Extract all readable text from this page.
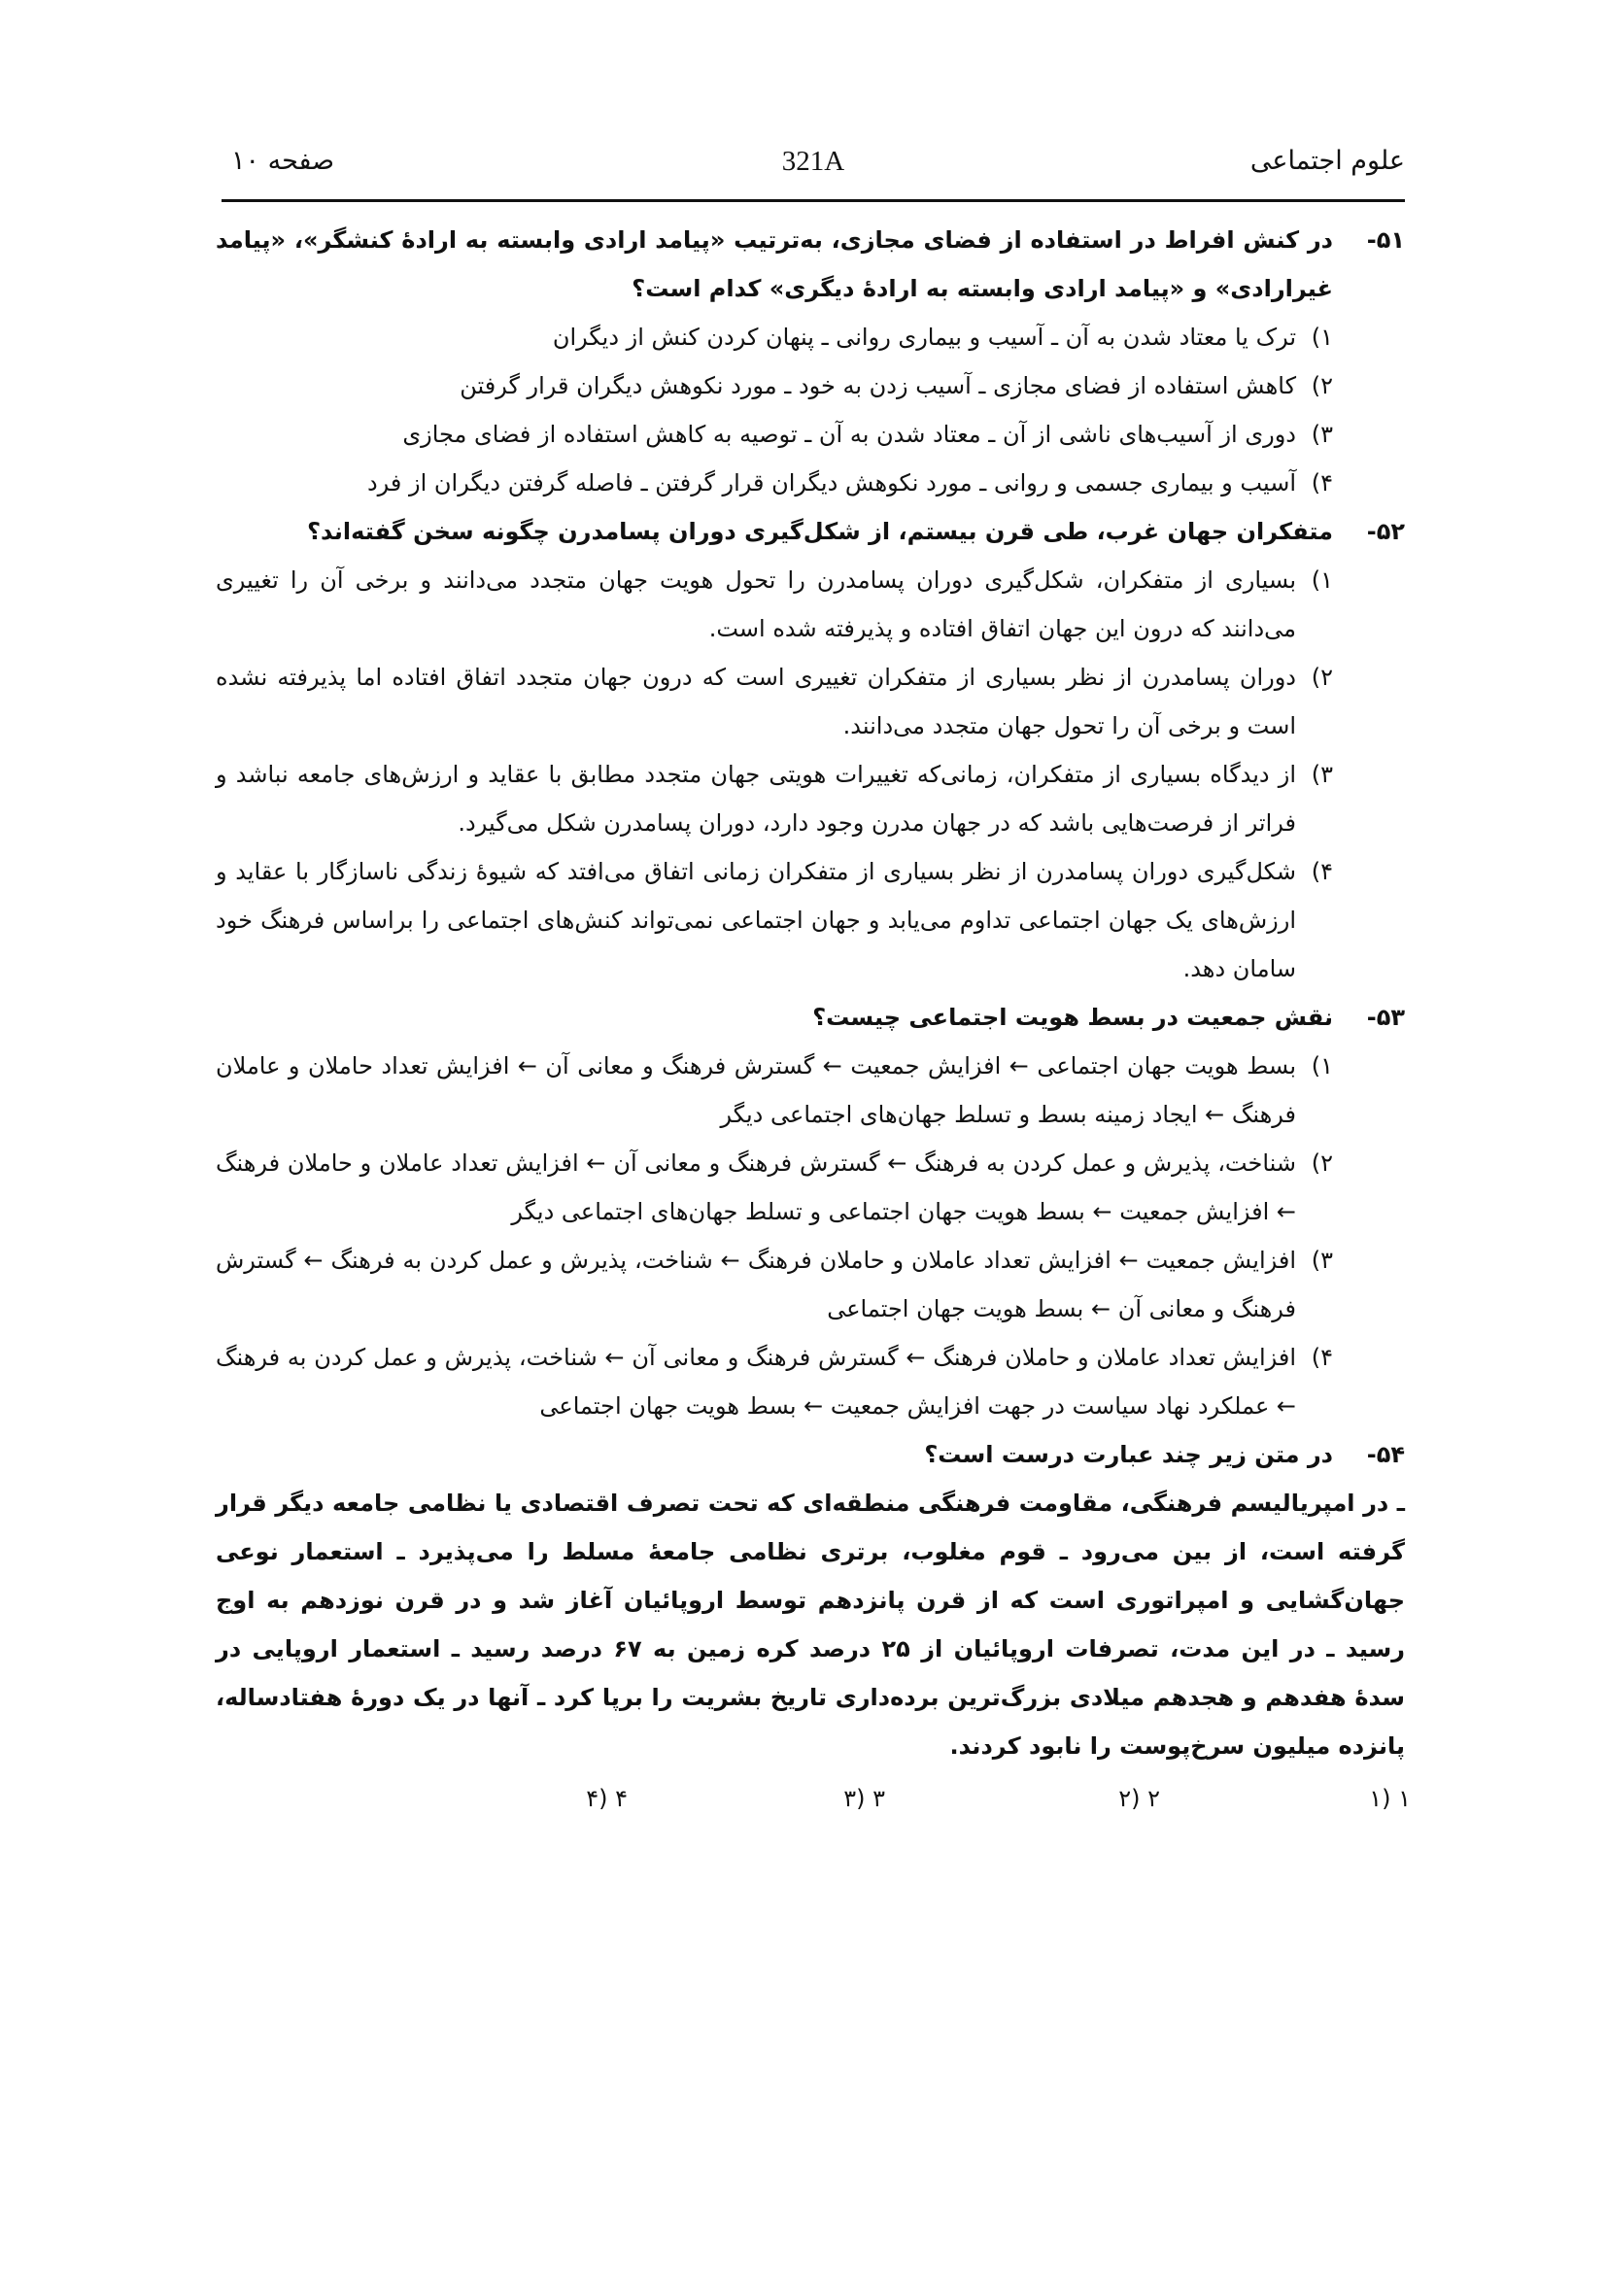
علوم اجتماعی
321A
صفحه ۱۰
۵۱-
در کنش افراط در استفاده از فضای مجازی، به‌ترتیب «پیامد ارادی وابسته به ارادهٔ کنشگر»، «پیامد غیرارادی» و «پیامد ارادی وابسته به ارادهٔ دیگری» کدام است؟
۱)
ترک یا معتاد شدن به آن ـ آسیب و بیماری روانی ـ پنهان کردن کنش از دیگران
۲)
کاهش استفاده از فضای مجازی ـ آسیب زدن به خود ـ مورد نکوهش دیگران قرار گرفتن
۳)
دوری از آسیب‌های ناشی از آن ـ معتاد شدن به آن ـ توصیه به کاهش استفاده از فضای مجازی
۴)
آسیب و بیماری جسمی و روانی ـ مورد نکوهش دیگران قرار گرفتن ـ فاصله گرفتن دیگران از فرد
۵۲-
متفکران جهان غرب، طی قرن بیستم، از شکل‌گیری دوران پسامدرن چگونه سخن گفته‌اند؟
۱)
بسیاری از متفکران، شکل‌گیری دوران پسامدرن را تحول هویت جهان متجدد می‌دانند و برخی آن را تغییری می‌دانند که درون این جهان اتفاق افتاده و پذیرفته شده است.
۲)
دوران پسامدرن از نظر بسیاری از متفکران تغییری است که درون جهان متجدد اتفاق افتاده اما پذیرفته نشده است و برخی آن را تحول جهان متجدد می‌دانند.
۳)
از دیدگاه بسیاری از متفکران، زمانی‌که تغییرات هویتی جهان متجدد مطابق با عقاید و ارزش‌های جامعه نباشد و فراتر از فرصت‌هایی باشد که در جهان مدرن وجود دارد، دوران پسامدرن شکل می‌گیرد.
۴)
شکل‌گیری دوران پسامدرن از نظر بسیاری از متفکران زمانی اتفاق می‌افتد که شیوهٔ زندگی ناسازگار با عقاید و ارزش‌های یک جهان اجتماعی تداوم می‌یابد و جهان اجتماعی نمی‌تواند کنش‌های اجتماعی را براساس فرهنگ خود سامان دهد.
۵۳-
نقش جمعیت در بسط هویت اجتماعی چیست؟
۱)
بسط هویت جهان اجتماعی ← افزایش جمعیت ← گسترش فرهنگ و معانی آن ← افزایش تعداد حاملان و عاملان فرهنگ ← ایجاد زمینه بسط و تسلط جهان‌های اجتماعی دیگر
۲)
شناخت، پذیرش و عمل کردن به فرهنگ ← گسترش فرهنگ و معانی آن ← افزایش تعداد عاملان و حاملان فرهنگ ← افزایش جمعیت ← بسط هویت جهان اجتماعی و تسلط جهان‌های اجتماعی دیگر
۳)
افزایش جمعیت ← افزایش تعداد عاملان و حاملان فرهنگ ← شناخت، پذیرش و عمل کردن به فرهنگ ← گسترش فرهنگ و معانی آن ← بسط هویت جهان اجتماعی
۴)
افزایش تعداد عاملان و حاملان فرهنگ ← گسترش فرهنگ و معانی آن ← شناخت، پذیرش و عمل کردن به فرهنگ ← عملکرد نهاد سیاست در جهت افزایش جمعیت ← بسط هویت جهان اجتماعی
۵۴-
در متن زیر چند عبارت درست است؟
ـ در امپریالیسم فرهنگی، مقاومت فرهنگی منطقه‌ای که تحت تصرف اقتصادی یا نظامی جامعه دیگر قرار گرفته است، از بین می‌رود ـ قوم مغلوب، برتری نظامی جامعهٔ مسلط را می‌پذیرد ـ استعمار نوعی جهان‌گشایی و امپراتوری است که از قرن پانزدهم توسط اروپائیان آغاز شد و در قرن نوزدهم به اوج رسید ـ در این مدت، تصرفات اروپائیان از ۲۵ درصد کره زمین به ۶۷ درصد رسید ـ استعمار اروپایی در سدهٔ هفدهم و هجدهم میلادی بزرگ‌ترین برده‌داری تاریخ بشریت را برپا کرد ـ آنها در یک دورهٔ هفتادساله، پانزده میلیون سرخ‌پوست را نابود کردند.
۱ (۱
۲ (۲
۳ (۳
۴ (۴
